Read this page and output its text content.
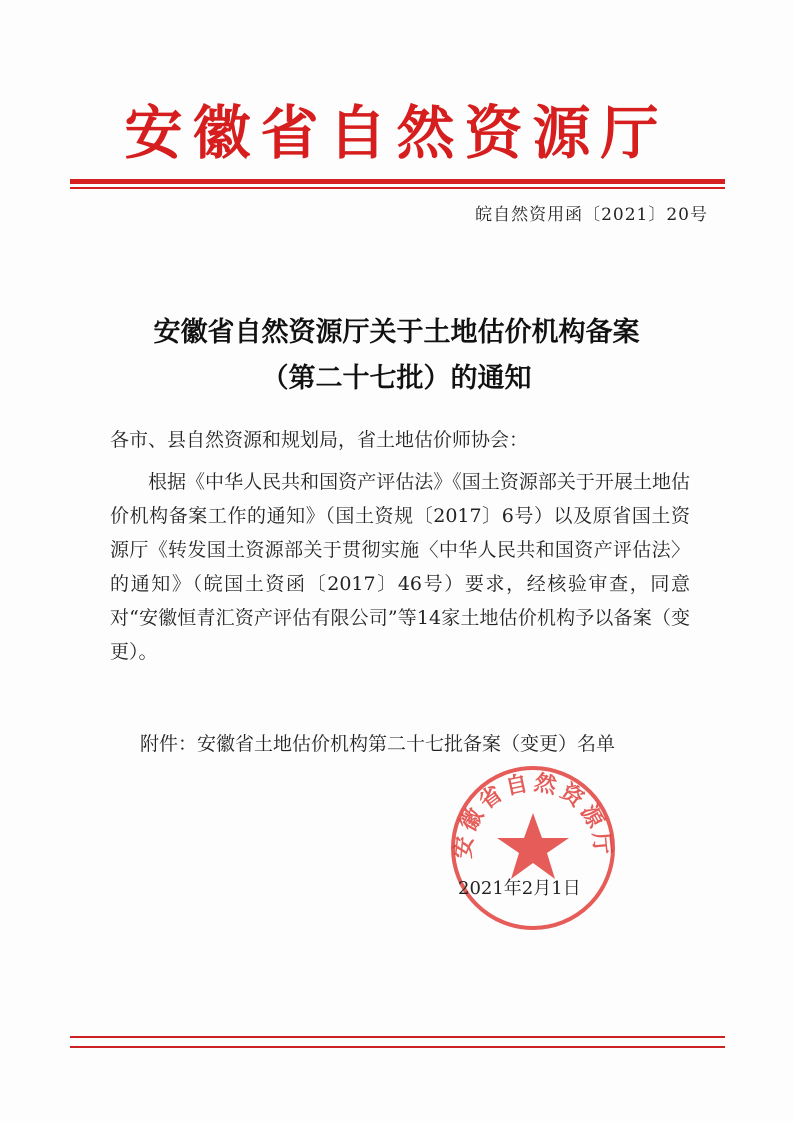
安徽省自然资源厅
皖自然资用函〔2021〕20号
安徽省自然资源厅关于土地估价机构备案
（第二十七批）的通知
各市、县自然资源和规划局，省土地估价师协会：
根据《中华人民共和国资产评估法》《国土资源部关于开展土地估价机构备案工作的通知》（国土资规〔2017〕6号）以及原省国土资源厅《转发国土资源部关于贯彻实施〈中华人民共和国资产评估法〉的通知》（皖国土资函〔2017〕46号）要求，经核验审查，同意对“安徽恒青汇资产评估有限公司”等14家土地估价机构予以备案（变更）。
附件：安徽省土地估价机构第二十七批备案（变更）名单
安徽省自然资源厅
2021年2月1日
